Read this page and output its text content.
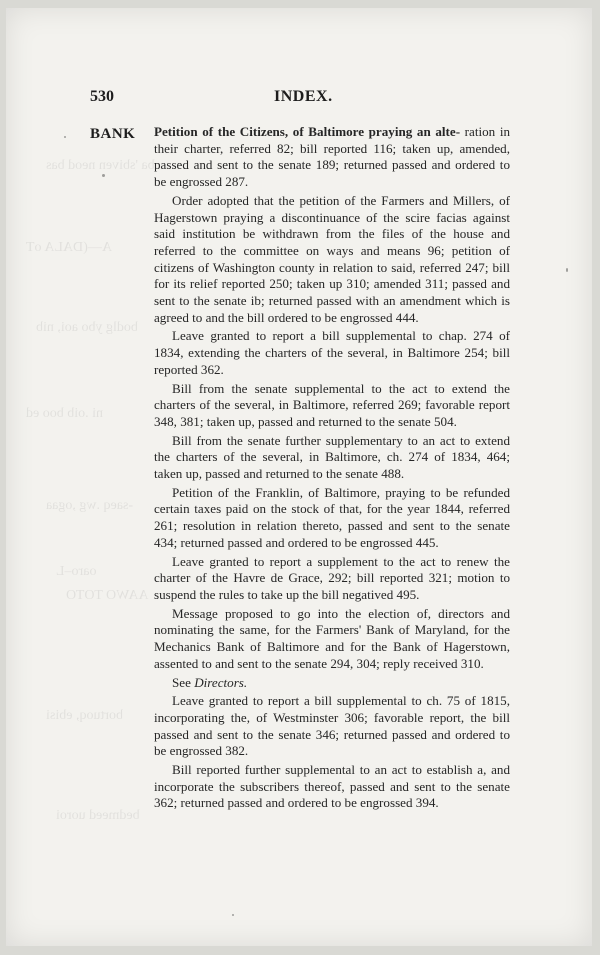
.ba 'sbiven neod bas
A—(DALA oT
bodlg ybo aoi, nib
ni .oib boo ed
-saeq .wg ,ogaa
oaro–L
AAWO TOTO
bortuoq, ebisi
bedmeed uoroi
530	INDEX.
BANK Petition of the Citizens, of Baltimore praying an alte- ration in their charter, referred 82; bill reported 116; taken up, amended, passed and sent to the senate 189; returned passed and ordered to be engrossed 287.

Order adopted that the petition of the Farmers and Millers, of Hagerstown praying a discontinuance of the scire facias against said institution be withdrawn from the files of the house and referred to the committee on ways and means 96; petition of citizens of Washington county in relation to said, referred 247; bill for its relief reported 250; taken up 310; amended 311; passed and sent to the senate ib; returned passed with an amendment which is agreed to and the bill ordered to be engrossed 444.

Leave granted to report a bill supplemental to chap. 274 of 1834, extending the charters of the several, in Baltimore 254; bill reported 362.

Bill from the senate supplemental to the act to extend the charters of the several, in Baltimore, referred 269; favorable report 348, 381; taken up, passed and returned to the senate 504.

Bill from the senate further supplementary to an act to extend the charters of the several, in Baltimore, ch. 274 of 1834, 464; taken up, passed and returned to the senate 488.

Petition of the Franklin, of Baltimore, praying to be refunded certain taxes paid on the stock of that, for the year 1844, referred 261; resolution in relation thereto, passed and sent to the senate 434; returned passed and ordered to be engrossed 445.

Leave granted to report a supplement to the act to renew the charter of the Havre de Grace, 292; bill reported 321; motion to suspend the rules to take up the bill negatived 495.

Message proposed to go into the election of, directors and nominating the same, for the Farmers' Bank of Maryland, for the Mechanics Bank of Baltimore and for the Bank of Hagerstown, assented to and sent to the senate 294, 304; reply received 310.

See Directors.

Leave granted to report a bill supplemental to ch. 75 of 1815, incorporating the, of Westminster 306; favorable report, the bill passed and sent to the senate 346; returned passed and ordered to be engrossed 382.

Bill reported further supplemental to an act to establish a, and incorporate the subscribers thereof, passed and sent to the senate 362; returned passed and ordered to be engrossed 394.
